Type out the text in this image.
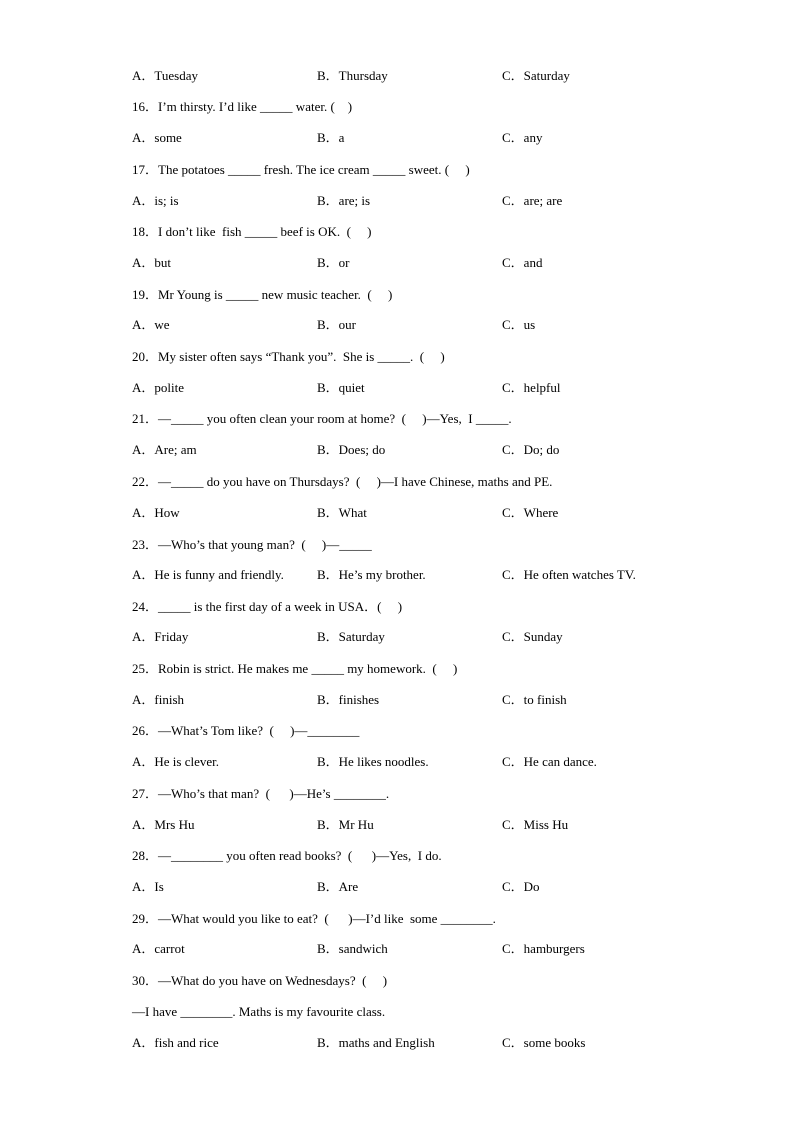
A．Tuesday	B．Thursday	C．Saturday
16．I’m thirsty. I’d like _____ water. (    )
A．some	B．a	C．any
17．The potatoes _____ fresh. The ice cream _____ sweet. (     )
A．is; is	B．are; is	C．are; are
18．I don’t like  fish _____ beef is OK.  (     )
A．but	B．or	C．and
19．Mr Young is _____ new music teacher.  (     )
A．we	B．our	C．us
20．My sister often says “Thank you”.  She is _____.  (     )
A．polite	B．quiet	C．helpful
21．—_____ you often clean your room at home?  (     )—Yes,  I _____.
A．Are; am	B．Does; do	C．Do; do
22．—_____ do you have on Thursdays?  (     )—I have Chinese, maths and PE.
A．How	B．What	C．Where
23．—Who’s that young man?  (     )—_____
A．He is funny and friendly.	B．He’s my brother.	C．He often watches TV.
24．_____ is the first day of a week in USA．(     )
A．Friday	B．Saturday	C．Sunday
25．Robin is strict. He makes me _____ my homework.  (     )
A．finish	B．finishes	C．to finish
26．—What’s Tom like?  (     )—________
A．He is clever.	B．He likes noodles.	C．He can dance.
27．—Who’s that man?  (      )—He’s ________.
A．Mrs Hu	B．Mr Hu	C．Miss Hu
28．—________ you often read books?  (      )—Yes,  I do.
A．Is	B．Are	C．Do
29．—What would you like to eat?  (      )—I’d like  some ________.
A．carrot	B．sandwich	C．hamburgers
30．—What do you have on Wednesdays?  (     )
—I have ________. Maths is my favourite class.
A．fish and rice	B．maths and English	C．some books
